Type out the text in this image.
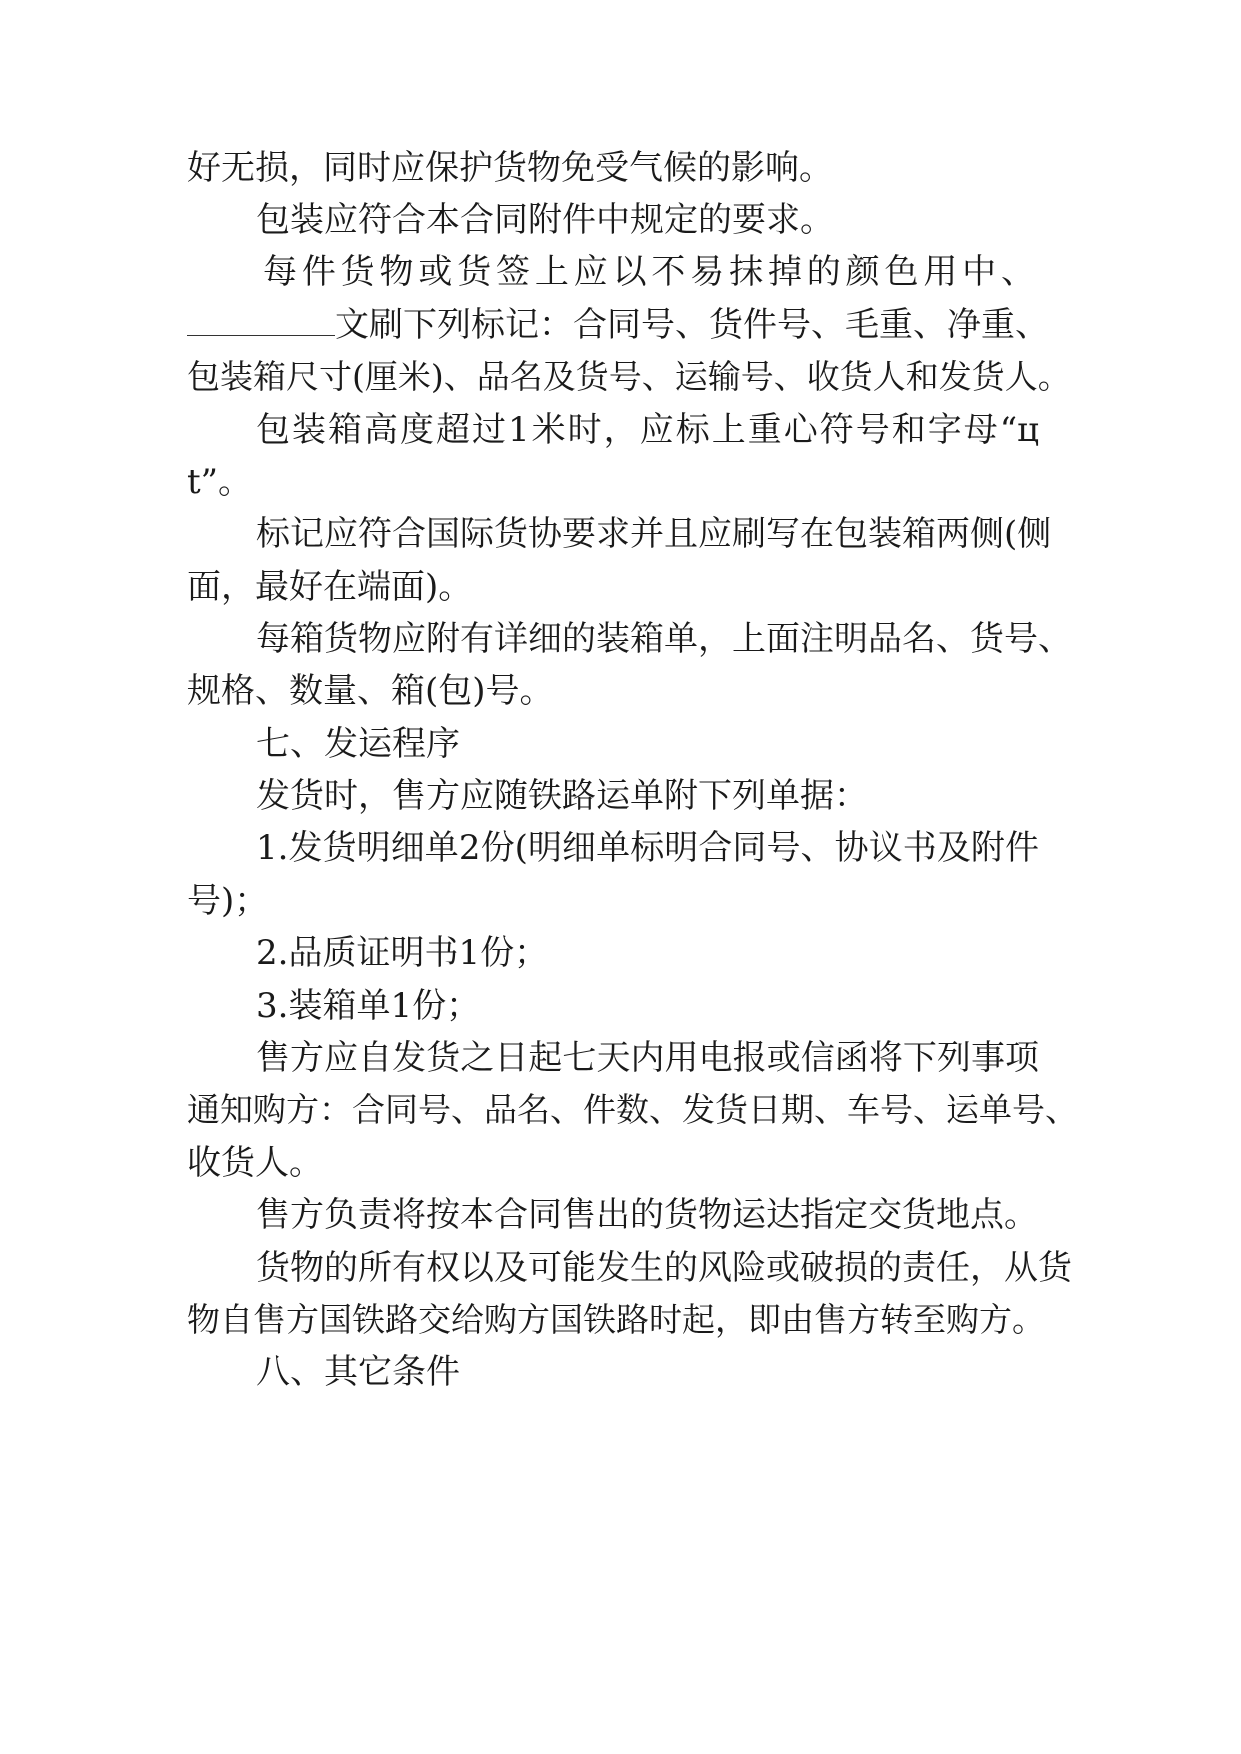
好无损，同时应保护货物免受气候的影响。
包装应符合本合同附件中规定的要求。
每件货物或货签上应以不易抹掉的颜色用中、
文刷下列标记：合同号、货件号、毛重、净重、
包装箱尺寸(厘米)、品名及货号、运输号、收货人和发货人。
包装箱高度超过1米时，应标上重心符号和字母“ц
t”。
标记应符合国际货协要求并且应刷写在包装箱两侧(侧
面，最好在端面)。
每箱货物应附有详细的装箱单，上面注明品名、货号、
规格、数量、箱(包)号。
七、发运程序
发货时，售方应随铁路运单附下列单据：
1.发货明细单2份(明细单标明合同号、协议书及附件
号)；
2.品质证明书1份；
3.装箱单1份；
售方应自发货之日起七天内用电报或信函将下列事项
通知购方：合同号、品名、件数、发货日期、车号、运单号、
收货人。
售方负责将按本合同售出的货物运达指定交货地点。
货物的所有权以及可能发生的风险或破损的责任，从货
物自售方国铁路交给购方国铁路时起，即由售方转至购方。
八、其它条件
